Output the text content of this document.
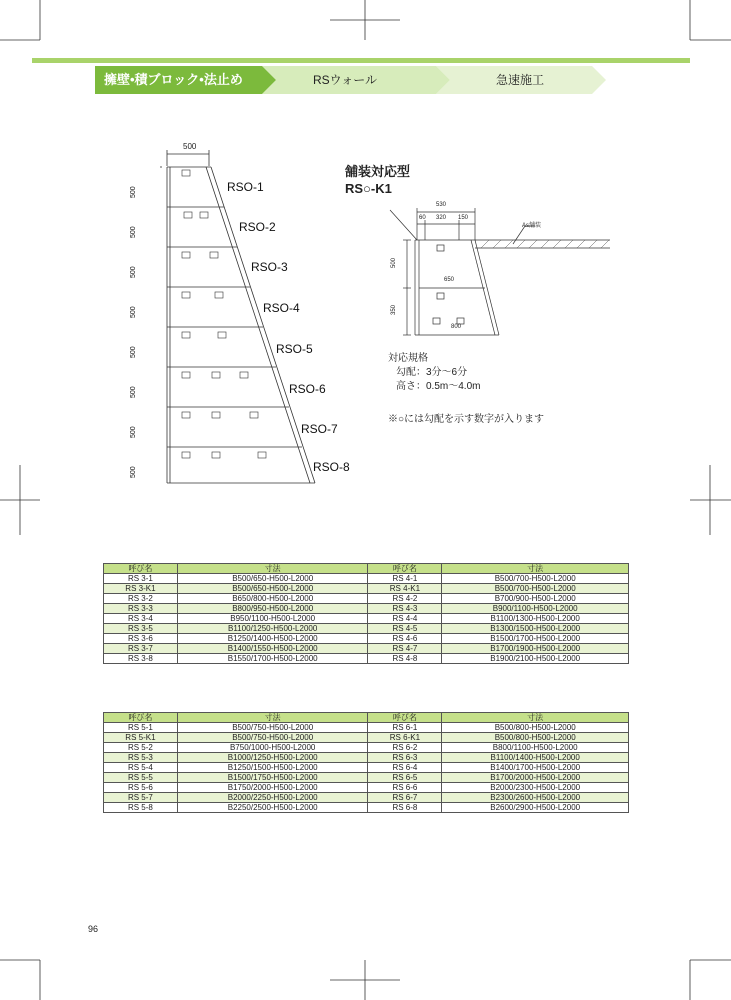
擁壁•積ブロック•法止め	RSウォール	急速施工
500
500
500
500
500
500
500
500
500
RSO-1
RSO-2
RSO-3
RSO-4
RSO-5
RSO-6
RSO-7
RSO-8
舗装対応型
RS○-K1
530
60 320 150
500
350
650
800
As舗装
対応規格
勾配：3分～6分
高さ：0.5m～4.0m
※○には勾配を示す数字が入ります
呼び名	寸法	呼び名	寸法
RS 3-1	B500/650-H500-L2000	RS 4-1	B500/700-H500-L2000
RS 3-K1	B500/650-H500-L2000	RS 4-K1	B500/700-H500-L2000
RS 3-2	B650/800-H500-L2000	RS 4-2	B700/900-H500-L2000
RS 3-3	B800/950-H500-L2000	RS 4-3	B900/1100-H500-L2000
RS 3-4	B950/1100-H500-L2000	RS 4-4	B1100/1300-H500-L2000
RS 3-5	B1100/1250-H500-L2000	RS 4-5	B1300/1500-H500-L2000
RS 3-6	B1250/1400-H500-L2000	RS 4-6	B1500/1700-H500-L2000
RS 3-7	B1400/1550-H500-L2000	RS 4-7	B1700/1900-H500-L2000
RS 3-8	B1550/1700-H500-L2000	RS 4-8	B1900/2100-H500-L2000
呼び名	寸法	呼び名	寸法
RS 5-1	B500/750-H500-L2000	RS 6-1	B500/800-H500-L2000
RS 5-K1	B500/750-H500-L2000	RS 6-K1	B500/800-H500-L2000
RS 5-2	B750/1000-H500-L2000	RS 6-2	B800/1100-H500-L2000
RS 5-3	B1000/1250-H500-L2000	RS 6-3	B1100/1400-H500-L2000
RS 5-4	B1250/1500-H500-L2000	RS 6-4	B1400/1700-H500-L2000
RS 5-5	B1500/1750-H500-L2000	RS 6-5	B1700/2000-H500-L2000
RS 5-6	B1750/2000-H500-L2000	RS 6-6	B2000/2300-H500-L2000
RS 5-7	B2000/2250-H500-L2000	RS 6-7	B2300/2600-H500-L2000
RS 5-8	B2250/2500-H500-L2000	RS 6-8	B2600/2900-H500-L2000
96
